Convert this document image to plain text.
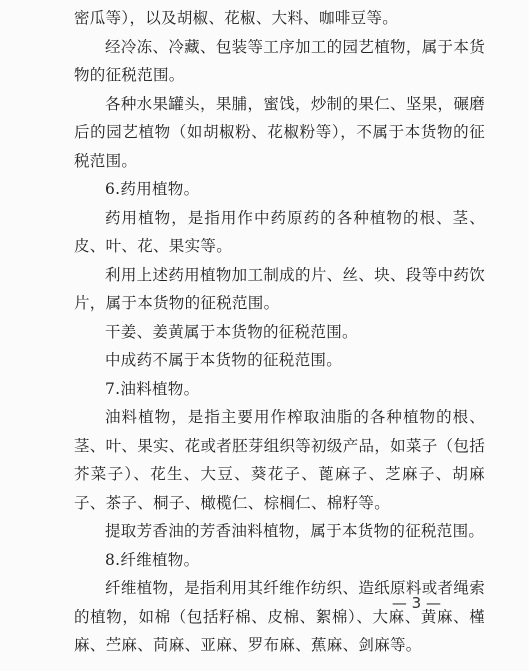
密瓜等），以及胡椒、花椒、大料、咖啡豆等。

经冷冻、冷藏、包装等工序加工的园艺植物，属于本货物的征税范围。

各种水果罐头，果脯，蜜饯，炒制的果仁、坚果，碾磨后的园艺植物（如胡椒粉、花椒粉等），不属于本货物的征税范围。

6.药用植物。

药用植物，是指用作中药原药的各种植物的根、茎、皮、叶、花、果实等。

利用上述药用植物加工制成的片、丝、块、段等中药饮片，属于本货物的征税范围。

干姜、姜黄属于本货物的征税范围。

中成药不属于本货物的征税范围。

7.油料植物。

油料植物，是指主要用作榨取油脂的各种植物的根、茎、叶、果实、花或者胚芽组织等初级产品，如菜子（包括芥菜子）、花生、大豆、葵花子、蓖麻子、芝麻子、胡麻子、茶子、桐子、橄榄仁、棕榈仁、棉籽等。

提取芳香油的芳香油料植物，属于本货物的征税范围。

8.纤维植物。

纤维植物，是指利用其纤维作纺织、造纸原料或者绳索的植物，如棉（包括籽棉、皮棉、絮棉）、大麻、黄麻、槿麻、苎麻、苘麻、亚麻、罗布麻、蕉麻、剑麻等。

— 3 —
